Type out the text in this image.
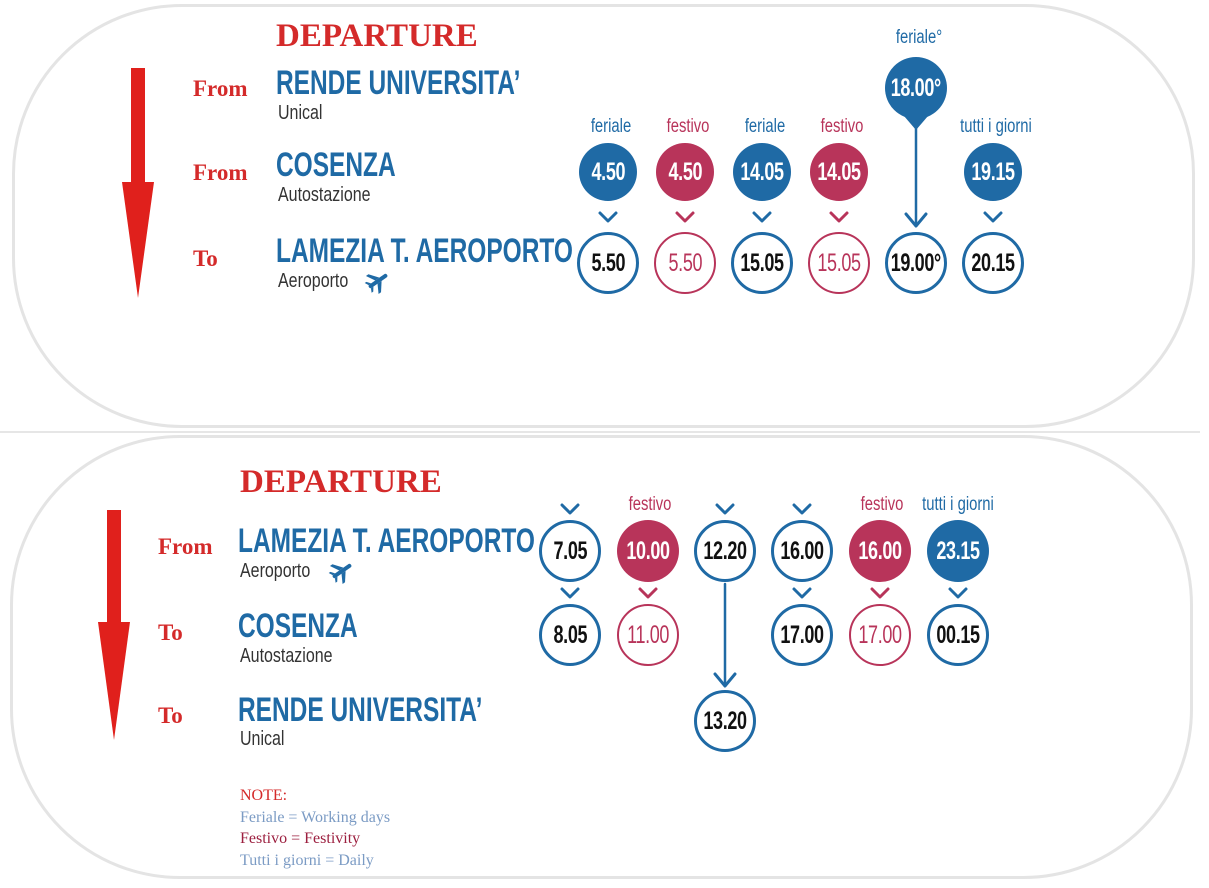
DEPARTURE
From RENDE UNIVERSITA’
Unical
From COSENZA
Autostazione
To LAMEZIA T. AEROPORTO
Aeroporto
feriale festivo feriale festivo
feriale°
tutti i giorni
4.50 4.50 14.05 14.05
18.00°
19.15
5.50 5.50 15.05 15.05 19.00° 20.15
DEPARTURE
From LAMEZIA T. AEROPORTO
Aeroporto
To COSENZA
Autostazione
To RENDE UNIVERSITA’
Unical
festivo	festivo tutti i giorni
7.05 10.00 12.20 16.00 16.00 23.15
8.05 11.00
13.20
17.00 17.00 00.15
NOTE:
Feriale = Working days
Festivo = Festivity
Tutti i giorni = Daily
